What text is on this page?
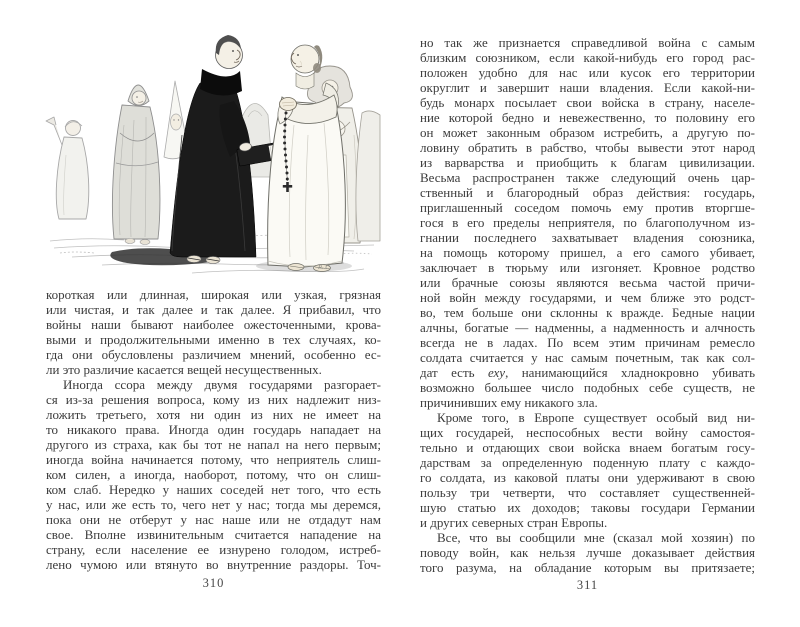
R. C.
короткая или длинная, широкая или узкая, грязная
или чистая, и так далее и так далее. Я прибавил, что
войны наши бывают наиболее ожесточенными, крова-
выми и продолжительными именно в тех случаях, ко-
гда они обусловлены различием мнений, особенно ес-
ли это различие касается вещей несущественных.
Иногда ссора между двумя государями разгорает-
ся из-за решения вопроса, кому из них надлежит низ-
ложить третьего, хотя ни один из них не имеет на
то никакого права. Иногда один государь нападает на
другого из страха, как бы тот не напал на него первым;
иногда война начинается потому, что неприятель слиш-
ком силен, а иногда, наоборот, потому, что он слиш-
ком слаб. Нередко у наших соседей нет того, что есть
у нас, или же есть то, чего нет у нас; тогда мы деремся,
пока они не отберут у нас наше или не отдадут нам
свое. Вполне извинительным считается нападение на
страну, если население ее изнурено голодом, истреб-
лено чумою или втянуто во внутренние раздоры. Точ-
310
но так же признается справедливой война с самым
близким союзником, если какой-нибудь его город рас-
положен удобно для нас или кусок его территории
округлит и завершит наши владения. Если какой-ни-
будь монарх посылает свои войска в страну, населе-
ние которой бедно и невежественно, то половину его
он может законным образом истребить, а другую по-
ловину обратить в рабство, чтобы вывести этот народ
из варварства и приобщить к благам цивилизации.
Весьма распространен также следующий очень цар-
ственный и благородный образ действия: государь,
приглашенный соседом помочь ему против вторгше-
гося в его пределы неприятеля, по благополучном из-
гнании последнего захватывает владения союзника,
на помощь которому пришел, а его самого убивает,
заключает в тюрьму или изгоняет. Кровное родство
или брачные союзы являются весьма частой причи-
ной войн между государями, и чем ближе это родст-
во, тем больше они склонны к вражде. Бедные нации
алчны, богатые — надменны, а надменность и алчность
всегда не в ладах. По всем этим причинам ремесло
солдата считается у нас самым почетным, так как сол-
дат есть еху, нанимающийся хладнокровно убивать
возможно большее число подобных себе существ, не
причинивших ему никакого зла.
Кроме того, в Европе существует особый вид ни-
щих государей, неспособных вести войну самостоя-
тельно и отдающих свои войска внаем богатым госу-
дарствам за определенную поденную плату с каждо-
го солдата, из каковой платы они удерживают в свою
пользу три четверти, что составляет существенней-
шую статью их доходов; таковы государи Германии
и других северных стран Европы.
Все, что вы сообщили мне (сказал мой хозяин) по
поводу войн, как нельзя лучше доказывает действия
того разума, на обладание которым вы притязаете;
311
